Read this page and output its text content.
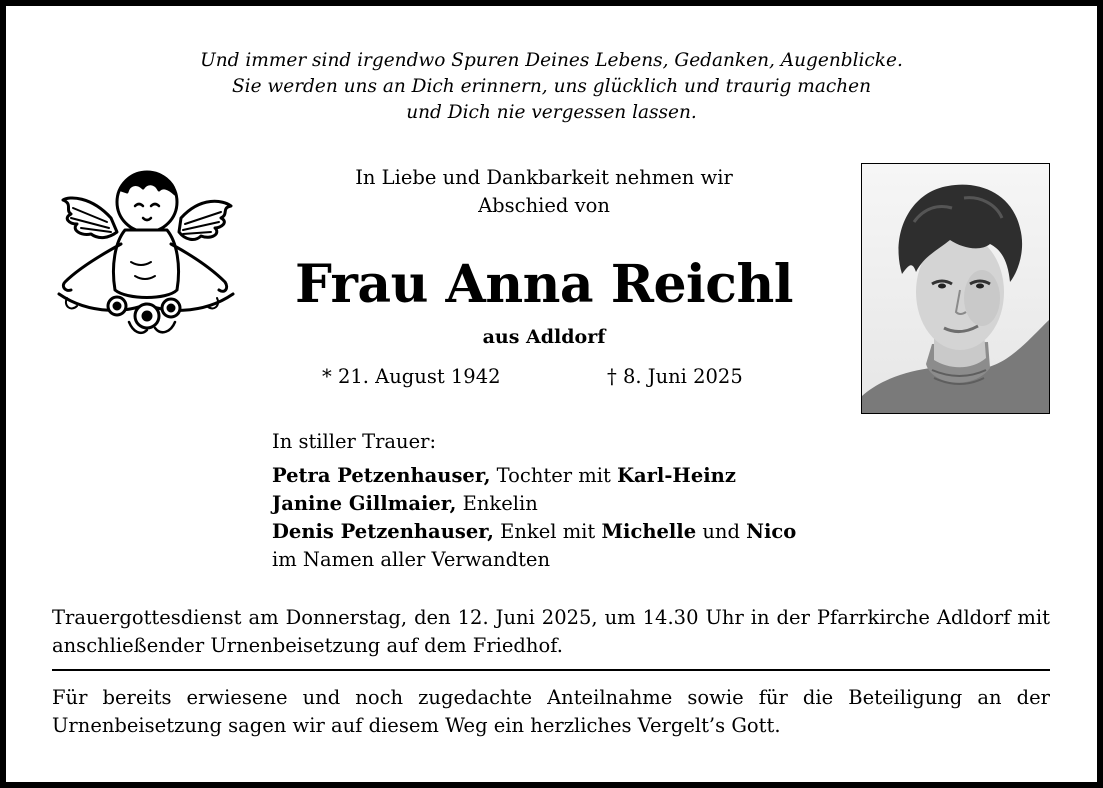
Und immer sind irgendwo Spuren Deines Lebens, Gedanken, Augenblicke.
Sie werden uns an Dich erinnern, uns glücklich und traurig machen
und Dich nie vergessen lassen.
In Liebe und Dankbarkeit nehmen wir
Abschied von
Frau Anna Reichl
aus Adldorf
* 21. August 1942	† 8. Juni 2025
In stiller Trauer:
Petra Petzenhauser, Tochter mit Karl-Heinz
Janine Gillmaier, Enkelin
Denis Petzenhauser, Enkel mit Michelle und Nico
im Namen aller Verwandten
Trauergottesdienst am Donnerstag, den 12. Juni 2025, um 14.30 Uhr in der Pfarrkirche Adldorf mit anschließender Urnenbeisetzung auf dem Friedhof.
Für bereits erwiesene und noch zugedachte Anteilnahme sowie für die Beteiligung an der Urnenbeisetzung sagen wir auf diesem Weg ein herzliches Vergelt’s Gott.
